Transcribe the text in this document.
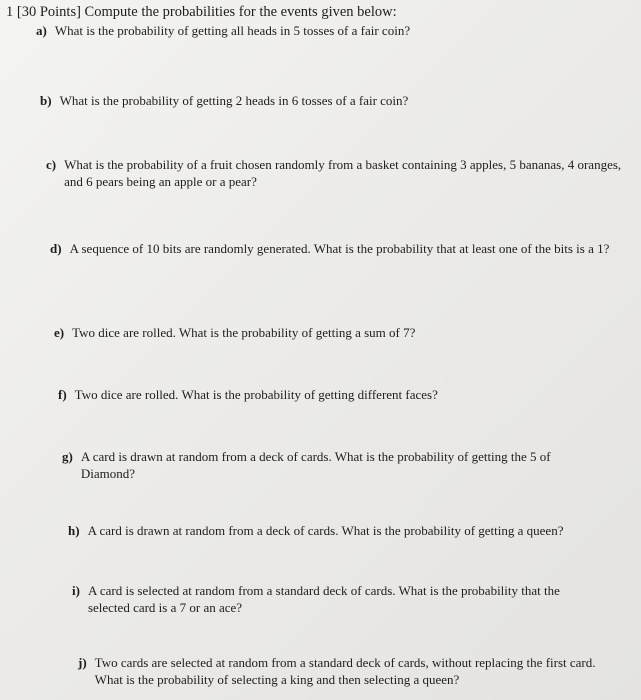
1 [30 Points] Compute the probabilities for the events given below:
a) What is the probability of getting all heads in 5 tosses of a fair coin?
b) What is the probability of getting 2 heads in 6 tosses of a fair coin?
c) What is the probability of a fruit chosen randomly from a basket containing 3 apples, 5 bananas, 4 oranges, and 6 pears being an apple or a pear?
d) A sequence of 10 bits are randomly generated. What is the probability that at least one of the bits is a 1?
e) Two dice are rolled. What is the probability of getting a sum of 7?
f) Two dice are rolled. What is the probability of getting different faces?
g) A card is drawn at random from a deck of cards. What is the probability of getting the 5 of Diamond?
h) A card is drawn at random from a deck of cards. What is the probability of getting a queen?
i) A card is selected at random from a standard deck of cards. What is the probability that the selected card is a 7 or an ace?
j) Two cards are selected at random from a standard deck of cards, without replacing the first card. What is the probability of selecting a king and then selecting a queen?
